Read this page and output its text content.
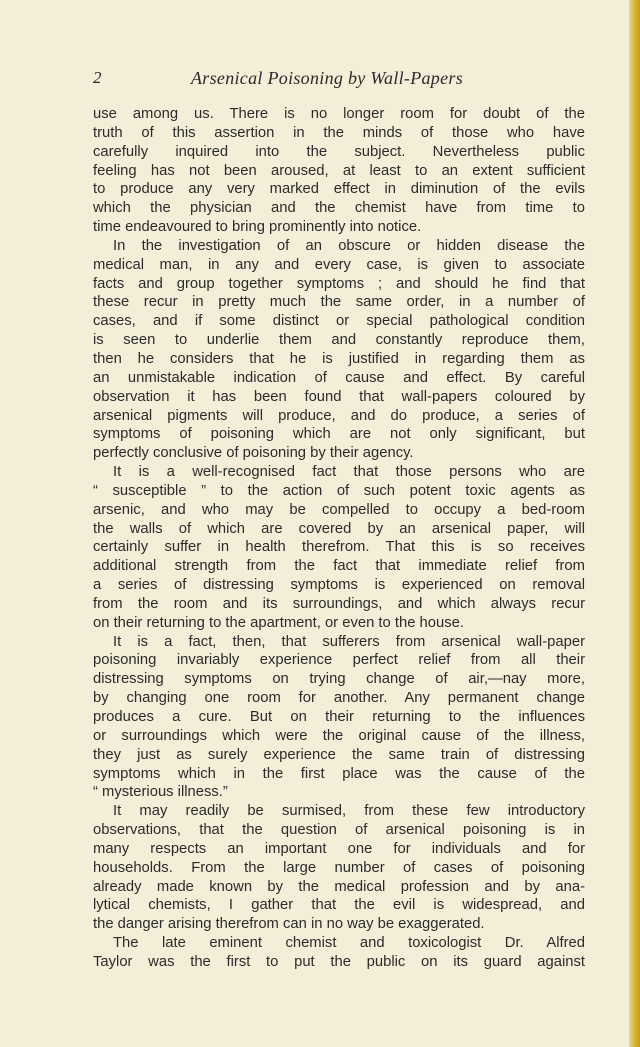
2	Arsenical Poisoning by Wall-Papers
use among us. There is no longer room for doubt of the
truth of this assertion in the minds of those who have
carefully inquired into the subject. Nevertheless public
feeling has not been aroused, at least to an extent sufficient
to produce any very marked effect in diminution of the evils
which the physician and the chemist have from time to
time endeavoured to bring prominently into notice.
In the investigation of an obscure or hidden disease the
medical man, in any and every case, is given to associate
facts and group together symptoms ; and should he find that
these recur in pretty much the same order, in a number of
cases, and if some distinct or special pathological condition
is seen to underlie them and constantly reproduce them,
then he considers that he is justified in regarding them as
an unmistakable indication of cause and effect. By careful
observation it has been found that wall-papers coloured by
arsenical pigments will produce, and do produce, a series of
symptoms of poisoning which are not only significant, but
perfectly conclusive of poisoning by their agency.
It is a well-recognised fact that those persons who are
“ susceptible ” to the action of such potent toxic agents as
arsenic, and who may be compelled to occupy a bed-room
the walls of which are covered by an arsenical paper, will
certainly suffer in health therefrom. That this is so receives
additional strength from the fact that immediate relief from
a series of distressing symptoms is experienced on removal
from the room and its surroundings, and which always recur
on their returning to the apartment, or even to the house.
It is a fact, then, that sufferers from arsenical wall-paper
poisoning invariably experience perfect relief from all their
distressing symptoms on trying change of air,—nay more,
by changing one room for another. Any permanent change
produces a cure. But on their returning to the influences
or surroundings which were the original cause of the illness,
they just as surely experience the same train of distressing
symptoms which in the first place was the cause of the
“ mysterious illness.”
It may readily be surmised, from these few introductory
observations, that the question of arsenical poisoning is in
many respects an important one for individuals and for
households. From the large number of cases of poisoning
already made known by the medical profession and by ana-
lytical chemists, I gather that the evil is widespread, and
the danger arising therefrom can in no way be exaggerated.
The late eminent chemist and toxicologist Dr. Alfred
Taylor was the first to put the public on its guard against
